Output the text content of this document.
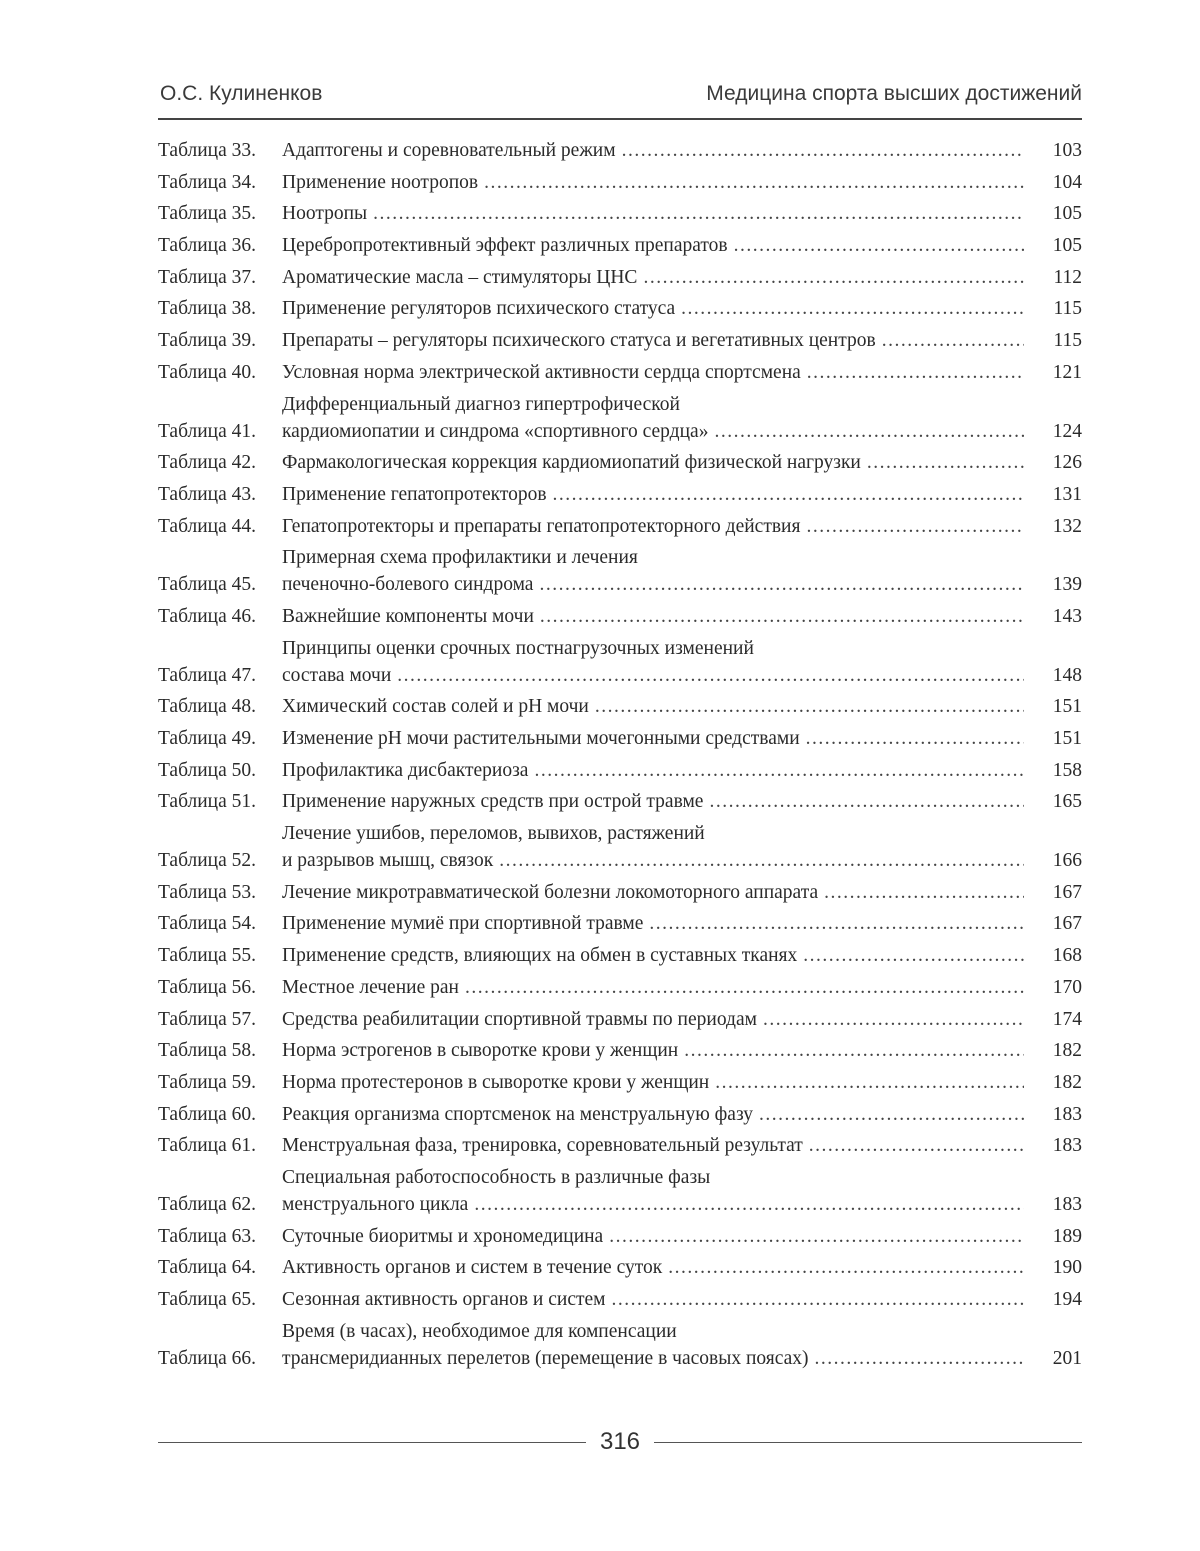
О.С. Кулиненков	Медицина спорта высших достижений
Таблица 33.	Адаптогены и соревновательный режим .....	103
Таблица 34.	Применение ноотропов .....	104
Таблица 35.	Ноотропы .....	105
Таблица 36.	Церебропротективный эффект различных препаратов .....	105
Таблица 37.	Ароматические масла – стимуляторы ЦНС .....	112
Таблица 38.	Применение регуляторов психического статуса .....	115
Таблица 39.	Препараты – регуляторы психического статуса и вегетативных центров .....	115
Таблица 40.	Условная норма электрической активности сердца спортсмена .....	121
Таблица 41.
Дифференциальный диагноз гипертрофической
кардиомиопатии и синдрома «спортивного сердца» .....	124
Таблица 42.	Фармакологическая коррекция кардиомиопатий физической нагрузки .....	126
Таблица 43.	Применение гепатопротекторов .....	131
Таблица 44.	Гепатопротекторы и препараты гепатопротекторного действия .....	132
Таблица 45.
Примерная схема профилактики и лечения
печеночно-болевого синдрома .....	139
Таблица 46.	Важнейшие компоненты мочи .....	143
Таблица 47.
Принципы оценки срочных постнагрузочных изменений
состава мочи .....	148
Таблица 48.	Химический состав солей и pH мочи .....	151
Таблица 49.	Изменение pH мочи растительными мочегонными средствами .....	151
Таблица 50.	Профилактика дисбактериоза .....	158
Таблица 51.	Применение наружных средств при острой травме .....	165
Таблица 52.
Лечение ушибов, переломов, вывихов, растяжений
и разрывов мышц, связок .....	166
Таблица 53.	Лечение микротравматической болезни локомоторного аппарата .....	167
Таблица 54.	Применение мумиё при спортивной травме .....	167
Таблица 55.	Применение средств, влияющих на обмен в суставных тканях .....	168
Таблица 56.	Местное лечение ран .....	170
Таблица 57.	Средства реабилитации спортивной травмы по периодам .....	174
Таблица 58.	Норма эстрогенов в сыворотке крови у женщин .....	182
Таблица 59.	Норма протестеронов в сыворотке крови у женщин .....	182
Таблица 60.	Реакция организма спортсменок на менструальную фазу .....	183
Таблица 61.	Менструальная фаза, тренировка, соревновательный результат .....	183
Таблица 62.
Специальная работоспособность в различные фазы
менструального цикла .....	183
Таблица 63.	Суточные биоритмы и хрономедицина .....	189
Таблица 64.	Активность органов и систем в течение суток .....	190
Таблица 65.	Сезонная активность органов и систем .....	194
Таблица 66.
Время (в часах), необходимое для компенсации
трансмеридианных перелетов (перемещение в часовых поясах) .....	201
316
